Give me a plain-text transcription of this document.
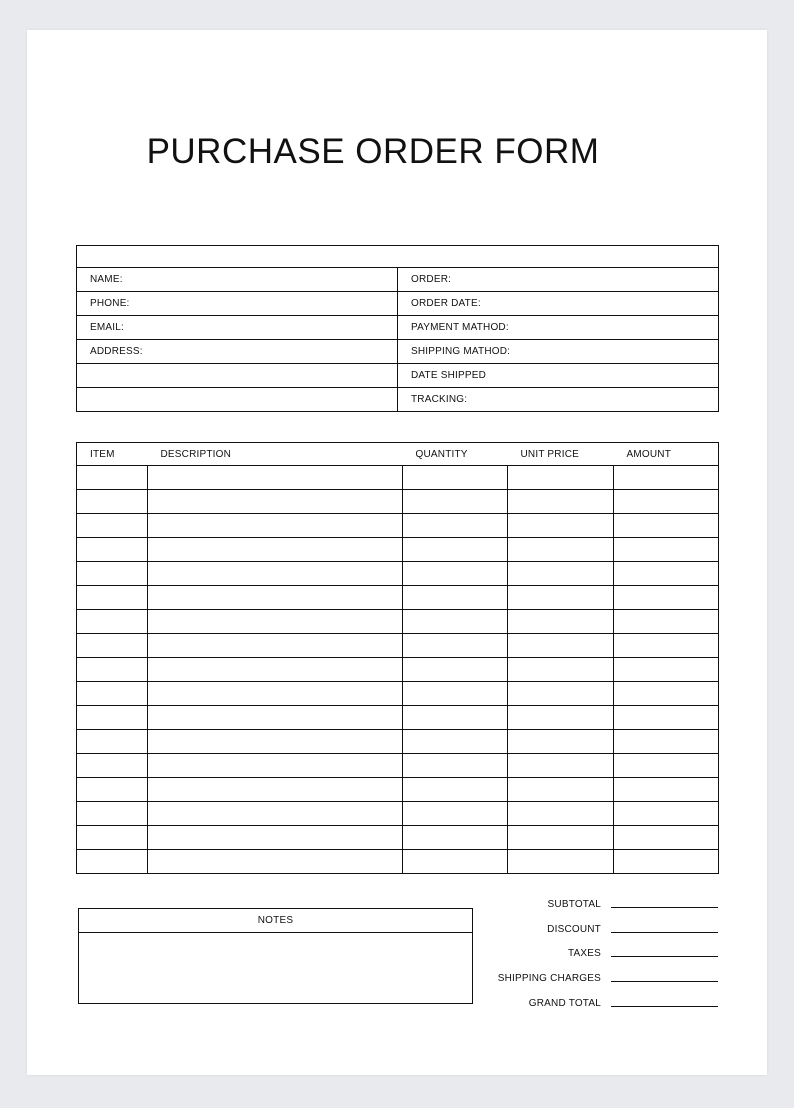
PURCHASE ORDER FORM

NAME:	ORDER:
PHONE:	ORDER DATE:
EMAIL:	PAYMENT MATHOD:
ADDRESS:	SHIPPING MATHOD:
	DATE SHIPPED
	TRACKING:
ITEM	DESCRIPTION	QUANTITY	UNIT PRICE	AMOUNT

NOTES
SUBTOTAL
DISCOUNT
TAXES
SHIPPING CHARGES
GRAND TOTAL
